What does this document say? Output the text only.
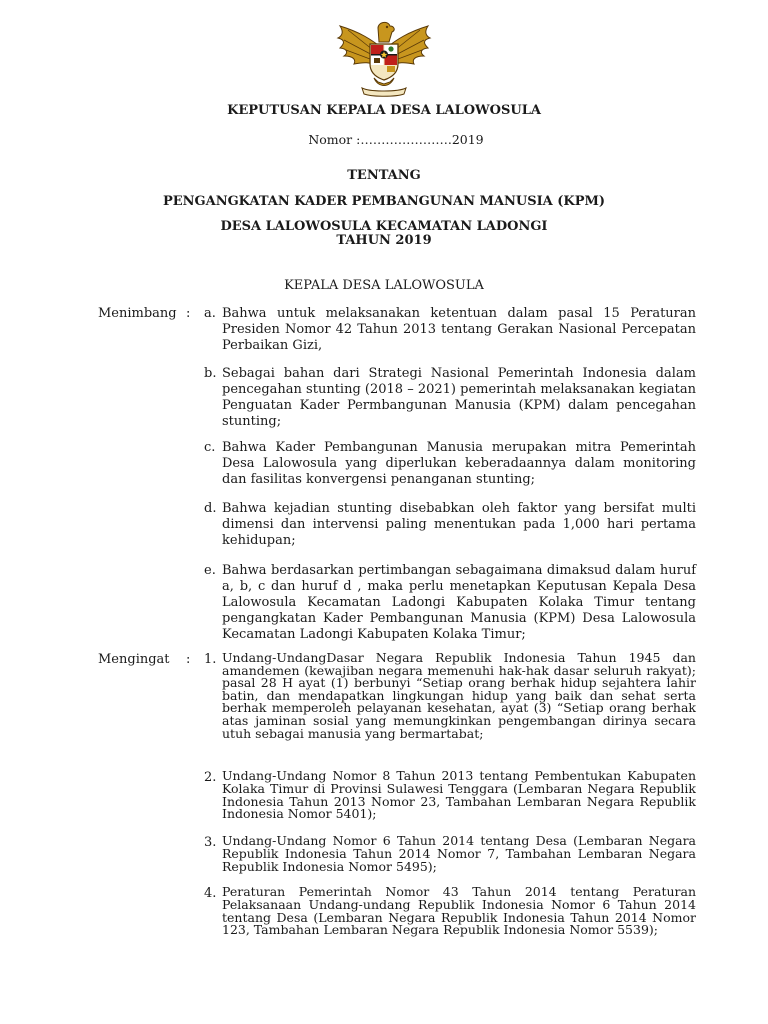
KEPUTUSAN KEPALA DESA LALOWOSULA
Nomor :………………….2019
TENTANG
PENGANGKATAN KADER PEMBANGUNAN MANUSIA (KPM)
DESA LALOWOSULA KECAMATAN LADONGI
TAHUN 2019
KEPALA DESA LALOWOSULA
Menimbang : a. Bahwa untuk melaksanakan ketentuan dalam pasal 15 Peraturan Presiden Nomor 42 Tahun 2013 tentang Gerakan Nasional Percepatan Perbaikan Gizi,
b. Sebagai bahan dari Strategi Nasional Pemerintah Indonesia dalam pencegahan stunting (2018 – 2021) pemerintah melaksanakan kegiatan Penguatan Kader Permbangunan Manusia (KPM) dalam pencegahan stunting;
c. Bahwa Kader Pembangunan Manusia merupakan mitra Pemerintah Desa Lalowosula yang diperlukan keberadaannya dalam monitoring dan fasilitas konvergensi penanganan stunting;
d. Bahwa kejadian stunting disebabkan oleh faktor yang bersifat multi dimensi dan intervensi paling menentukan pada 1,000 hari pertama kehidupan;
e. Bahwa berdasarkan pertimbangan sebagaimana dimaksud dalam huruf a, b, c dan huruf d , maka perlu menetapkan Keputusan Kepala Desa Lalowosula Kecamatan Ladongi Kabupaten Kolaka Timur tentang pengangkatan Kader Pembangunan Manusia (KPM) Desa Lalowosula Kecamatan Ladongi Kabupaten Kolaka Timur;
Mengingat : 1. Undang-UndangDasar Negara Republik Indonesia Tahun 1945 dan amandemen (kewajiban negara memenuhi hak-hak dasar seluruh rakyat); pasal 28 H ayat (1) berbunyi “Setiap orang berhak hidup sejahtera lahir batin, dan mendapatkan lingkungan hidup yang baik dan sehat serta berhak memperoleh pelayanan kesehatan, ayat (3) “Setiap orang berhak atas jaminan sosial yang memungkinkan pengembangan dirinya secara utuh sebagai manusia yang bermartabat;
2. Undang-Undang Nomor 8 Tahun 2013 tentang Pembentukan Kabupaten Kolaka Timur di Provinsi Sulawesi Tenggara (Lembaran Negara Republik Indonesia Tahun 2013 Nomor 23, Tambahan Lembaran Negara Republik Indonesia Nomor 5401);
3. Undang-Undang Nomor 6 Tahun 2014 tentang Desa (Lembaran Negara Republik Indonesia Tahun 2014 Nomor 7, Tambahan Lembaran Negara Republik Indonesia Nomor 5495);
4. Peraturan Pemerintah Nomor 43 Tahun 2014 tentang Peraturan Pelaksanaan Undang-undang Republik Indonesia Nomor 6 Tahun 2014 tentang Desa (Lembaran Negara Republik Indonesia Tahun 2014 Nomor 123, Tambahan Lembaran Negara Republik Indonesia Nomor 5539);
